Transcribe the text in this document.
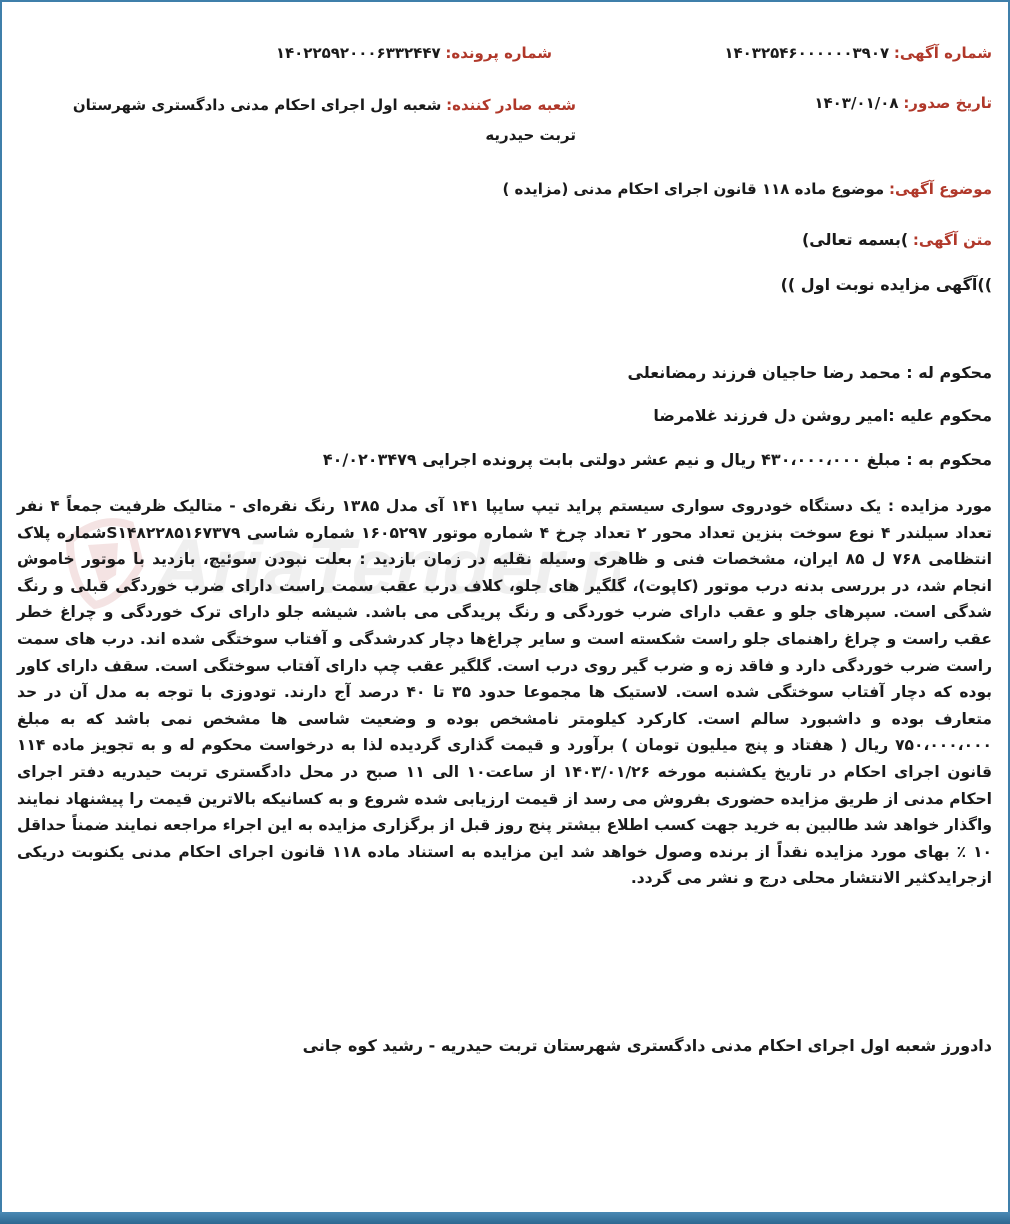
AriaTender.
شماره آگهی: ۱۴۰۳۲۵۴۶۰۰۰۰۰۰۳۹۰۷
شماره پرونده: ۱۴۰۲۲۵۹۲۰۰۰۶۳۳۲۴۴۷
تاریخ صدور: ۱۴۰۳/۰۱/۰۸
شعبه صادر کننده: شعبه اول اجرای احکام مدنی دادگستری شهرستان تربت حیدریه
موضوع آگهی: موضوع ماده ۱۱۸ قانون اجرای احکام مدنی (مزایده )
متن آگهی: )بسمه تعالی)
))آگهی مزایده نوبت اول ))
محکوم له : محمد رضا حاجیان فرزند رمضانعلی
محکوم علیه :امیر روشن دل فرزند غلامرضا
محکوم به : مبلغ ۴۳۰،۰۰۰،۰۰۰ ریال و نیم عشر دولتی بابت پرونده اجرایی ۴۰/۰۲۰۳۴۷۹
مورد مزایده : یک دستگاه خودروی سواری سیستم پراید تیپ سایپا ۱۴۱ آی مدل ۱۳۸۵ رنگ نقره‌ای - متالیک ظرفیت جمعاً ۴ نفر تعداد سیلندر ۴ نوع سوخت بنزین تعداد محور ۲ تعداد چرخ ۴ شماره موتور ۱۶۰۵۲۹۷ شماره شاسی S۱۴۸۲۲۸۵۱۶۷۳۷۹شماره پلاک انتظامی ۷۶۸ ل ۸۵ ایران، مشخصات فنی و ظاهری وسیله نقلیه در زمان بازدید : بعلت نبودن سوئیچ، بازدید با موتور خاموش انجام شد، در بررسی بدنه درب موتور (کاپوت)، گلگیر های جلو، کلاف درب عقب سمت راست دارای ضرب خوردگی قبلی و رنگ شدگی است. سپرهای جلو و عقب دارای ضرب خوردگی و رنگ پریدگی می باشد. شیشه جلو دارای ترک خوردگی و چراغ خطر عقب راست و چراغ راهنمای جلو راست شکسته است و سایر چراغ‌ها دچار کدرشدگی و آفتاب سوختگی شده اند. درب های سمت راست ضرب خوردگی دارد و فاقد زه و ضرب گیر روی درب است. گلگیر عقب چپ دارای آفتاب سوختگی است. سقف دارای کاور بوده که دچار آفتاب سوختگی شده است. لاستیک ها مجموعا حدود ۳۵ تا ۴۰ درصد آج دارند. تودوزی با توجه به مدل آن در حد متعارف بوده و داشبورد سالم است. کارکرد کیلومتر نامشخص بوده و وضعیت شاسی ها مشخص نمی باشد که به مبلغ ۷۵۰،۰۰۰،۰۰۰ ریال ( هفتاد و پنج میلیون تومان ) برآورد و قیمت گذاری گردیده لذا به درخواست محکوم له و به تجویز ماده ۱۱۴ قانون اجرای احکام در تاریخ یکشنبه مورخه ۱۴۰۳/۰۱/۲۶ از ساعت۱۰ الی ۱۱ صبح در محل دادگستری تربت حیدریه دفتر اجرای احکام مدنی از طریق مزایده حضوری بفروش می رسد از قیمت ارزیابی شده شروع و به کسانیکه بالاترین قیمت را پیشنهاد نمایند واگذار خواهد شد طالبین به خرید جهت کسب اطلاع بیشتر پنج روز قبل از برگزاری مزایده به این اجراء مراجعه نمایند ضمناً حداقل ۱۰ ٪ بهای مورد مزایده نقداً از برنده وصول خواهد شد این مزایده به استناد ماده ۱۱۸ قانون اجرای احکام مدنی یکنوبت دریکی ازجرایدکثیر الانتشار محلی درج و نشر می گردد.
دادورز شعبه اول اجرای احکام مدنی دادگستری شهرستان تربت حیدریه - رشید کوه جانی
